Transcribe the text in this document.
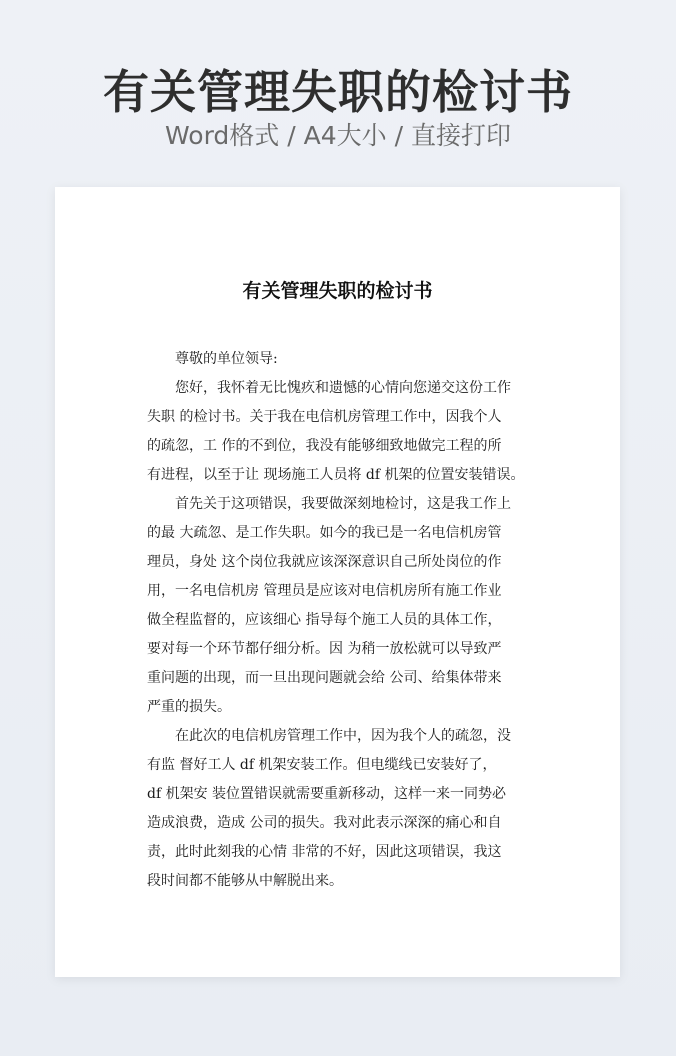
有关管理失职的检讨书
Word格式 / A4大小 / 直接打印
有关管理失职的检讨书
尊敬的单位领导:
您好，我怀着无比愧疚和遗憾的心情向您递交这份工作
失职 的检讨书。关于我在电信机房管理工作中，因我个人
的疏忽，工 作的不到位，我没有能够细致地做完工程的所
有进程，以至于让 现场施工人员将 df 机架的位置安装错误。
首先关于这项错误，我要做深刻地检讨，这是我工作上
的最 大疏忽、是工作失职。如今的我已是一名电信机房管
理员，身处 这个岗位我就应该深深意识自己所处岗位的作
用，一名电信机房 管理员是应该对电信机房所有施工作业
做全程监督的，应该细心 指导每个施工人员的具体工作，
要对每一个环节都仔细分析。因 为稍一放松就可以导致严
重问题的出现，而一旦出现问题就会给 公司、给集体带来
严重的损失。
在此次的电信机房管理工作中，因为我个人的疏忽，没
有监 督好工人 df 机架安装工作。但电缆线已安装好了，
df 机架安 装位置错误就需要重新移动，这样一来一同势必
造成浪费，造成 公司的损失。我对此表示深深的痛心和自
责，此时此刻我的心情 非常的不好，因此这项错误，我这
段时间都不能够从中解脱出来。
